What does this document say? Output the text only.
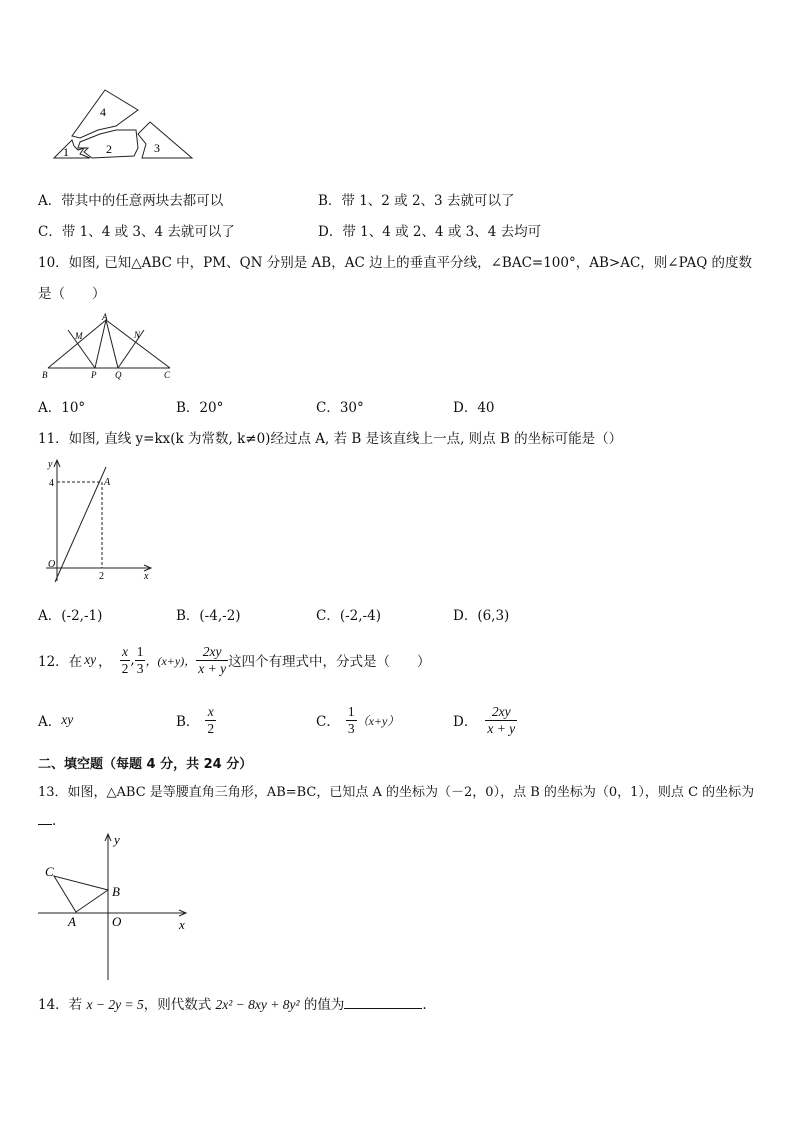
4
1	2	3
A．带其中的任意两块去都可以	B．带 1、2 或 2、3 去就可以了
C．带 1、4 或 3、4 去就可以了	D．带 1、4 或 2、4 或 3、4 去均可
10．如图, 已知△ABC 中，PM、QN 分别是 AB，AC 边上的垂直平分线，∠BAC=100°，AB>AC，则∠PAQ 的度数
是（　　）
A
M	N
B	P Q	C
A．10°	B．20°	C．30°	D．40
11．如图, 直线 y=kx(k 为常数, k≠0)经过点 A, 若 B 是该直线上一点, 则点 B 的坐标可能是（）
y
x
A
O
4
2
A．(-2,-1)	B．(-4,-2)	C．(-2,-4)	D．(6,3)
12．在 xy ， $\frac{x}{2}$ , $\frac{1}{3}$ ，(x+y)， $\frac{2xy}{x + y}$ 这四个有理式中，分式是（　　）
A． xy	B． $\frac{x}{2}$	C． $\frac{1}{3} (x+y)$	D． $\frac{2xy}{x + y}$
二、填空题（每题 4 分，共 24 分）
13．如图，△ABC 是等腰直角三角形，AB=BC，已知点 A 的坐标为（－2，0），点 B 的坐标为（0，1），则点 C 的坐标为
.
y
x
C
B
A	O
14．若 x − 2y = 5，则代数式 2x² − 8xy + 8y² 的值为	.
